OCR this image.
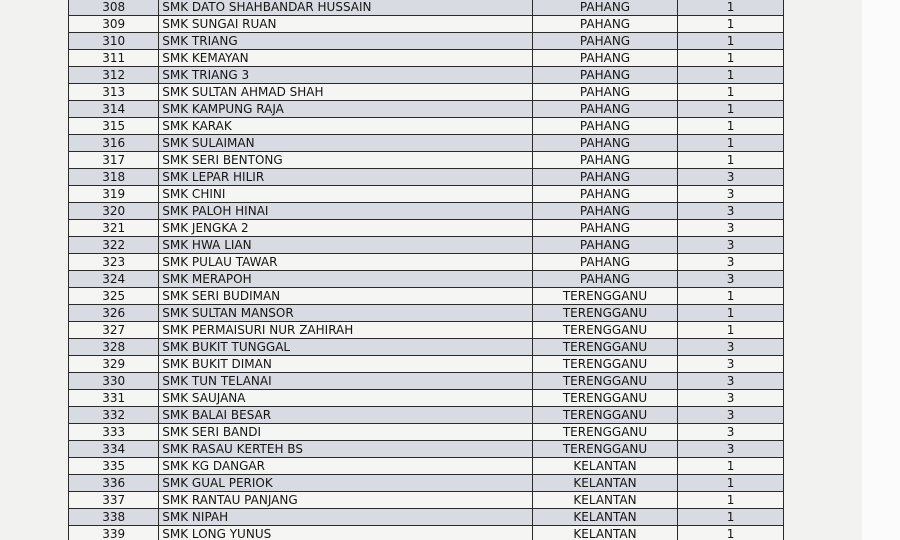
308	SMK DATO SHAHBANDAR HUSSAIN	PAHANG	1
309	SMK SUNGAI RUAN	PAHANG	1
310	SMK TRIANG	PAHANG	1
311	SMK KEMAYAN	PAHANG	1
312	SMK TRIANG 3	PAHANG	1
313	SMK SULTAN AHMAD SHAH	PAHANG	1
314	SMK KAMPUNG RAJA	PAHANG	1
315	SMK KARAK	PAHANG	1
316	SMK SULAIMAN	PAHANG	1
317	SMK SERI BENTONG	PAHANG	1
318	SMK LEPAR HILIR	PAHANG	3
319	SMK CHINI	PAHANG	3
320	SMK PALOH HINAI	PAHANG	3
321	SMK JENGKA 2	PAHANG	3
322	SMK HWA LIAN	PAHANG	3
323	SMK PULAU TAWAR	PAHANG	3
324	SMK MERAPOH	PAHANG	3
325	SMK SERI BUDIMAN	TERENGGANU	1
326	SMK SULTAN MANSOR	TERENGGANU	1
327	SMK PERMAISURI NUR ZAHIRAH	TERENGGANU	1
328	SMK BUKIT TUNGGAL	TERENGGANU	3
329	SMK BUKIT DIMAN	TERENGGANU	3
330	SMK TUN TELANAI	TERENGGANU	3
331	SMK SAUJANA	TERENGGANU	3
332	SMK BALAI BESAR	TERENGGANU	3
333	SMK SERI BANDI	TERENGGANU	3
334	SMK RASAU KERTEH BS	TERENGGANU	3
335	SMK KG DANGAR	KELANTAN	1
336	SMK GUAL PERIOK	KELANTAN	1
337	SMK RANTAU PANJANG	KELANTAN	1
338	SMK NIPAH	KELANTAN	1
339	SMK LONG YUNUS	KELANTAN	1
